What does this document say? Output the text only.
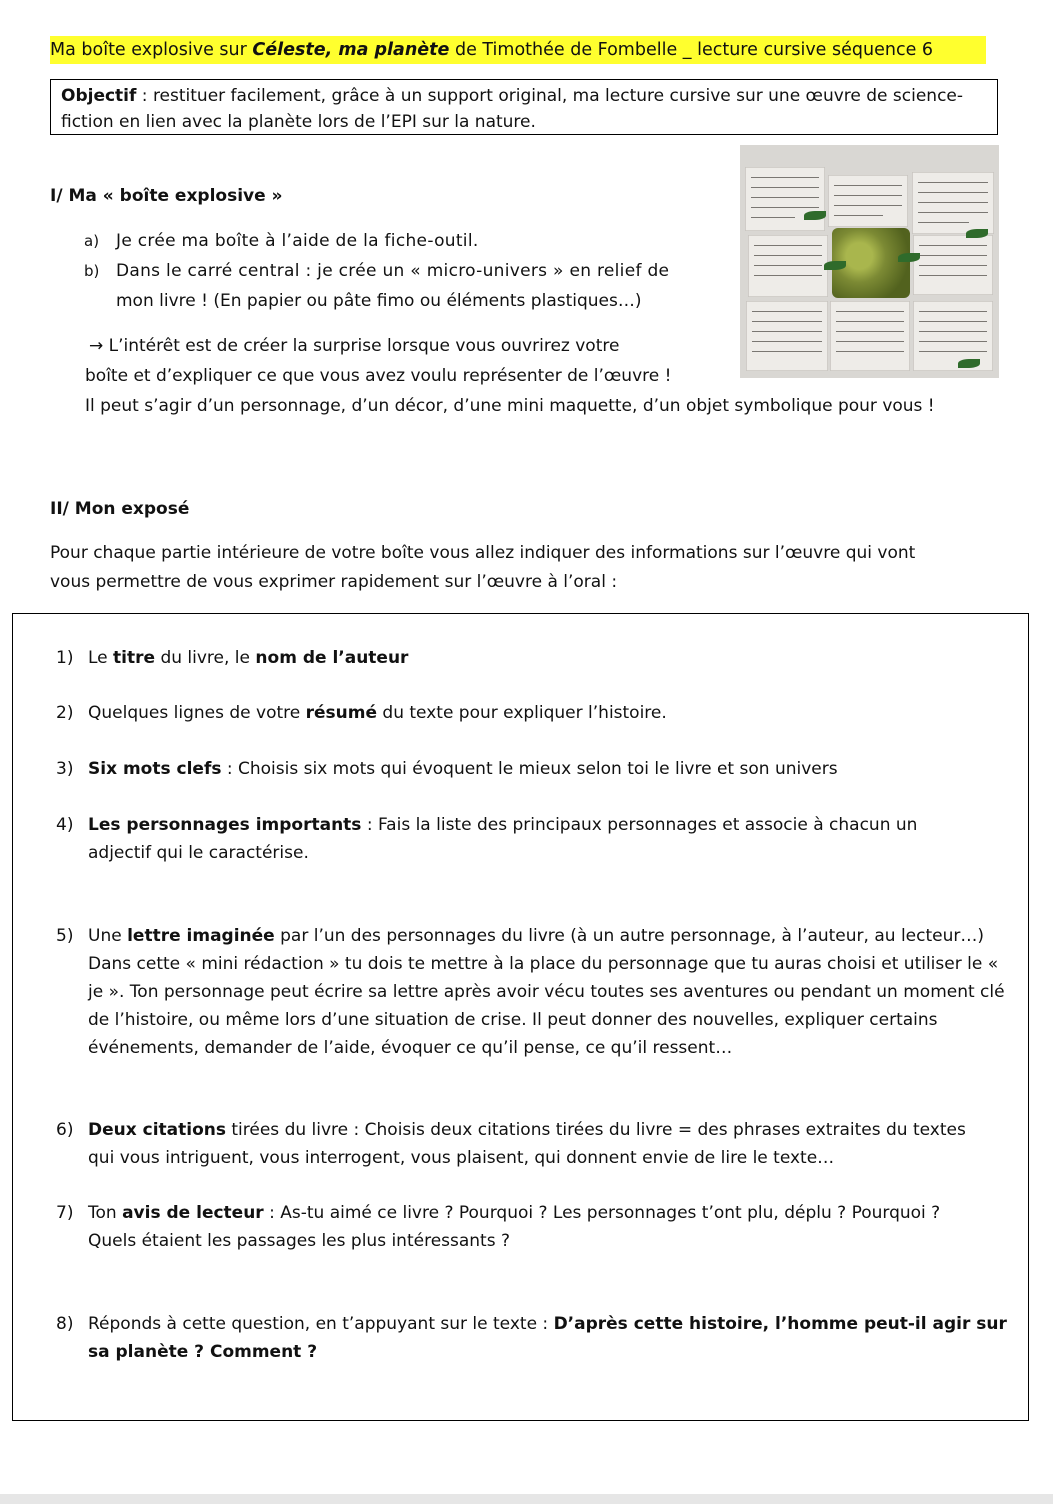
Ma boîte explosive sur Céleste, ma planète de Timothée de Fombelle _ lecture cursive séquence 6
Objectif : restituer facilement, grâce à un support original, ma lecture cursive sur une œuvre de science-fiction en lien avec la planète lors de l’EPI sur la nature.
I/ Ma « boîte explosive »
a) Je crée ma boîte à l’aide de la fiche-outil.
b) Dans le carré central : je crée un « micro-univers » en relief de
mon livre ! (En papier ou pâte fimo ou éléments plastiques…)
→ L’intérêt est de créer la surprise lorsque vous ouvrirez votre
boîte et d’expliquer ce que vous avez voulu représenter de l’œuvre !
Il peut s’agir d’un personnage, d’un décor, d’une mini maquette, d’un objet symbolique pour vous !
II/ Mon exposé
Pour chaque partie intérieure de votre boîte vous allez indiquer des informations sur l’œuvre qui vont
vous permettre de vous exprimer rapidement sur l’œuvre à l’oral :
1) Le titre du livre, le nom de l’auteur
2) Quelques lignes de votre résumé du texte pour expliquer l’histoire.
3) Six mots clefs : Choisis six mots qui évoquent le mieux selon toi le livre et son univers
4) Les personnages importants : Fais la liste des principaux personnages et associe à chacun un adjectif qui le caractérise.
5) Une lettre imaginée par l’un des personnages du livre (à un autre personnage, à l’auteur, au lecteur…) Dans cette « mini rédaction » tu dois te mettre à la place du personnage que tu auras choisi et utiliser le « je ». Ton personnage peut écrire sa lettre après avoir vécu toutes ses aventures ou pendant un moment clé de l’histoire, ou même lors d’une situation de crise. Il peut donner des nouvelles, expliquer certains événements, demander de l’aide, évoquer ce qu’il pense, ce qu’il ressent…
6) Deux citations tirées du livre : Choisis deux citations tirées du livre = des phrases extraites du textes qui vous intriguent, vous interrogent, vous plaisent, qui donnent envie de lire le texte…
7) Ton avis de lecteur : As-tu aimé ce livre ? Pourquoi ? Les personnages t’ont plu, déplu ? Pourquoi ? Quels étaient les passages les plus intéressants ?
8) Réponds à cette question, en t’appuyant sur le texte : D’après cette histoire, l’homme peut-il agir sur sa planète ? Comment ?
